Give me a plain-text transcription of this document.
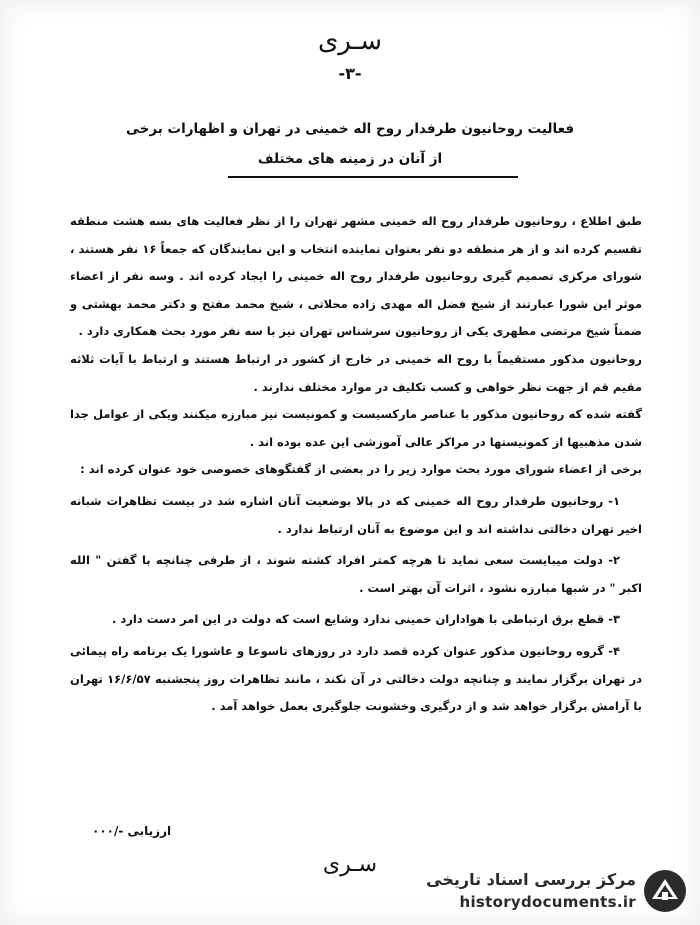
سـری
-۳-
فعالیت روحانیون طرفدار روح اله خمینی در تهران و اظهارات برخی
از آنان در زمینه های مختلف

طبق اطلاع ، روحانیون طرفدار روح اله خمینی مشهر تهران را از نظر فعالیت های بسه هشت منطقه تقسیم کرده اند و از هر منطقه دو نفر بعنوان نماینده انتخاب و این نمایندگان که جمعاً ۱۶ نفر هستند ، شورای مرکزی تصمیم گیری روحانیون طرفدار روح اله خمینی را ایجاد کرده اند . وسه نفر از اعضاء موثر این شورا عبارتند از شیخ فضل اله مهدی زاده محلاتی ، شیخ محمد مفتح و دکتر محمد بهشتی و ضمناً شیخ مرتضی مطهری یکی از روحانیون سرشناس تهران نیز با سه نفر مورد بحث همکاری دارد .

روحانیون مذکور مستقیماً با روح اله خمینی در خارج از کشور در ارتباط هستند و ارتباط با آیات ثلاثه مقیم قم از جهت نظر خواهی و کسب تکلیف در موارد مختلف ندارند .

گفته شده که روحانیون مذکور با عناصر مارکسیست و کمونیست نیز مبارزه میکنند ویکی از عوامل جدا شدن مذهبیها از کمونیستها در مراکز عالی آموزشی این عده بوده اند .

برخی از اعضاء شورای مورد بحث موارد زیر را در بعضی از گفتگوهای خصوصی خود عنوان کرده اند :

۱- روحانیون طرفدار روح اله خمینی که در بالا بوضعیت آنان اشاره شد در بیست تظاهرات شبانه اخیر تهران دخالتی نداشته اند و این موضوع به آنان ارتباط ندارد .

۲- دولت میبایست سعی نماید تا هرچه کمتر افراد کشته شوند ، از طرفی چنانچه با گفتن " الله اکبر " در شبها مبارزه نشود ، اثرات آن بهتر است .

۳- قطع برق ارتباطی با هواداران خمینی ندارد وشایع است که دولت در این امر دست دارد .

۴- گروه روحانیون مذکور عنوان کرده قصد دارد در روزهای تاسوعا و عاشورا یک برنامه راه پیمائی در تهران برگزار نمایند و چنانچه دولت دخالتی در آن نکند ، مانند تظاهرات روز پنجشنبه ۱۶/۶/۵۷ تهران با آرامش برگزار خواهد شد و از درگیری وخشونت جلوگیری بعمل خواهد آمد .

ارزیابی -/۰۰۰
سـری
مرکز بررسی اسناد تاریخی
historydocuments.ir
